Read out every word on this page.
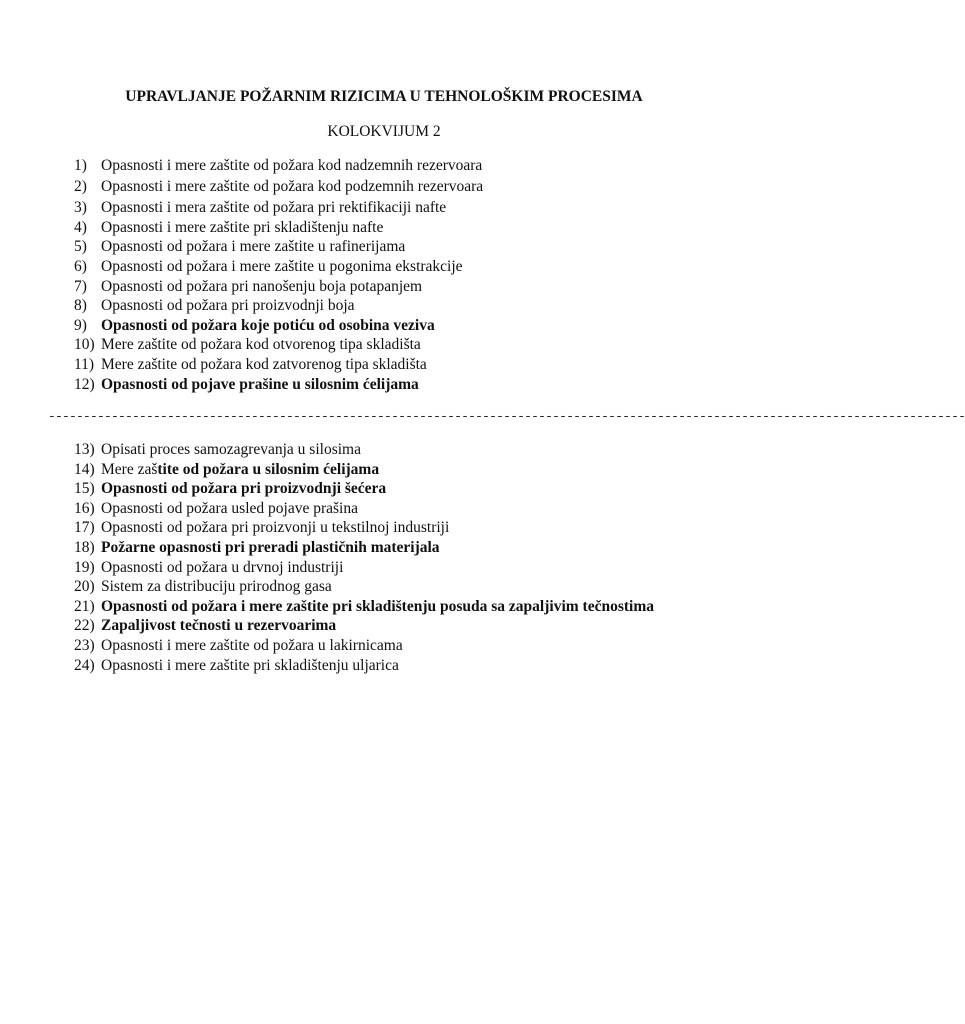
UPRAVLJANJE POŽARNIM RIZICIMA U TEHNOLOŠKIM PROCESIMA
KOLOKVIJUM 2
1) Opasnosti i mere zaštite od požara kod nadzemnih rezervoara
2) Opasnosti i mere zaštite od požara kod podzemnih rezervoara
3) Opasnosti i mera zaštite od požara pri rektifikaciji nafte
4) Opasnosti i mere zaštite pri skladištenju nafte
5) Opasnosti od požara i mere zaštite u rafinerijama
6) Opasnosti od požara i mere zaštite u pogonima ekstrakcije
7) Opasnosti od požara pri nanošenju boja potapanjem
8) Opasnosti od požara pri proizvodnji boja
9) Opasnosti od požara koje potiću od osobina veziva
10) Mere zaštite od požara kod otvorenog tipa skladišta
11) Mere zaštite od požara kod zatvorenog tipa skladišta
12) Opasnosti od pojave prašine u silosnim ćelijama
-----------------------------------------------------------------------------------------------------------------------------------
13) Opisati proces samozagrevanja u silosima
14) Mere zaštite od požara u silosnim ćelijama
15) Opasnosti od požara pri proizvodnji šećera
16) Opasnosti od požara usled pojave prašina
17) Opasnosti od požara pri proizvonji u tekstilnoj industriji
18) Požarne opasnosti pri preradi plastičnih materijala
19) Opasnosti od požara u drvnoj industriji
20) Sistem za distribuciju prirodnog gasa
21) Opasnosti od požara i mere zaštite pri skladištenju posuda sa zapaljivim tečnostima
22) Zapaljivost tečnosti u rezervoarima
23) Opasnosti i mere zaštite od požara u lakirnicama
24) Opasnosti i mere zaštite pri skladištenju uljarica
